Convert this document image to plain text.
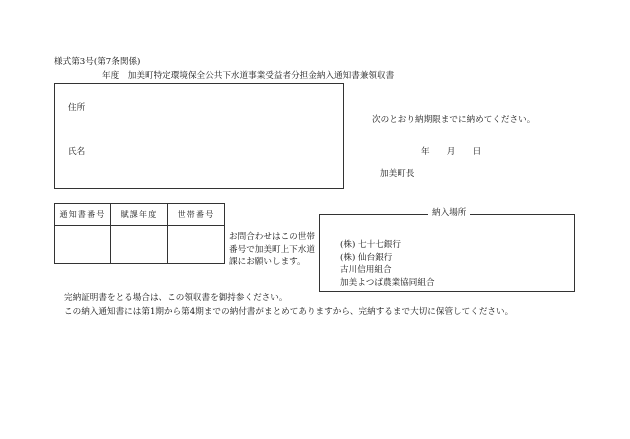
様式第3号(第7条関係)
年度　加美町特定環境保全公共下水道事業受益者分担金納入通知書兼領収書
住所
氏名
次のとおり納期限までに納めてください。
年　　月　　日
加美町長
通知書番号	賦課年度	世帯番号

お問合わせはこの世帯
番号で加美町上下水道
課にお願いします。
納入場所
(株) 七十七銀行
(株) 仙台銀行
古川信用組合
加美よつば農業協同組合
完納証明書をとる場合は、この領収書を御持参ください。
この納入通知書には第1期から第4期までの納付書がまとめてありますから、完納するまで大切に保管してください。
